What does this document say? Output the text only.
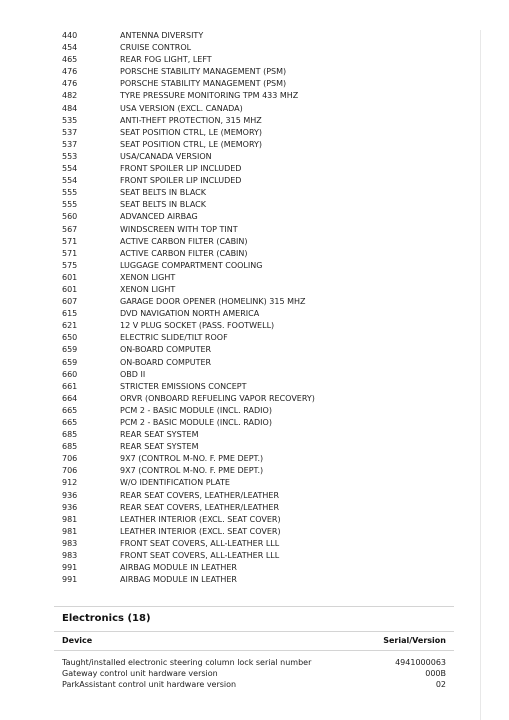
440	ANTENNA DIVERSITY
454	CRUISE CONTROL
465	REAR FOG LIGHT, LEFT
476	PORSCHE STABILITY MANAGEMENT (PSM)
476	PORSCHE STABILITY MANAGEMENT (PSM)
482	TYRE PRESSURE MONITORING TPM 433 MHZ
484	USA VERSION (EXCL. CANADA)
535	ANTI-THEFT PROTECTION, 315 MHZ
537	SEAT POSITION CTRL, LE (MEMORY)
537	SEAT POSITION CTRL, LE (MEMORY)
553	USA/CANADA VERSION
554	FRONT SPOILER LIP INCLUDED
554	FRONT SPOILER LIP INCLUDED
555	SEAT BELTS IN BLACK
555	SEAT BELTS IN BLACK
560	ADVANCED AIRBAG
567	WINDSCREEN WITH TOP TINT
571	ACTIVE CARBON FILTER (CABIN)
571	ACTIVE CARBON FILTER (CABIN)
575	LUGGAGE COMPARTMENT COOLING
601	XENON LIGHT
601	XENON LIGHT
607	GARAGE DOOR OPENER (HOMELINK) 315 MHZ
615	DVD NAVIGATION NORTH AMERICA
621	12 V PLUG SOCKET (PASS. FOOTWELL)
650	ELECTRIC SLIDE/TILT ROOF
659	ON-BOARD COMPUTER
659	ON-BOARD COMPUTER
660	OBD II
661	STRICTER EMISSIONS CONCEPT
664	ORVR (ONBOARD REFUELING VAPOR RECOVERY)
665	PCM 2 - BASIC MODULE (INCL. RADIO)
665	PCM 2 - BASIC MODULE (INCL. RADIO)
685	REAR SEAT SYSTEM
685	REAR SEAT SYSTEM
706	9X7 (CONTROL M-NO. F. PME DEPT.)
706	9X7 (CONTROL M-NO. F. PME DEPT.)
912	W/O IDENTIFICATION PLATE
936	REAR SEAT COVERS, LEATHER/LEATHER
936	REAR SEAT COVERS, LEATHER/LEATHER
981	LEATHER INTERIOR (EXCL. SEAT COVER)
981	LEATHER INTERIOR (EXCL. SEAT COVER)
983	FRONT SEAT COVERS, ALL-LEATHER LLL
983	FRONT SEAT COVERS, ALL-LEATHER LLL
991	AIRBAG MODULE IN LEATHER
991	AIRBAG MODULE IN LEATHER
Electronics (18)
Device	Serial/Version
Taught/installed electronic steering column lock serial number	4941000063
Gateway control unit hardware version	000B
ParkAssistant control unit hardware version	02
